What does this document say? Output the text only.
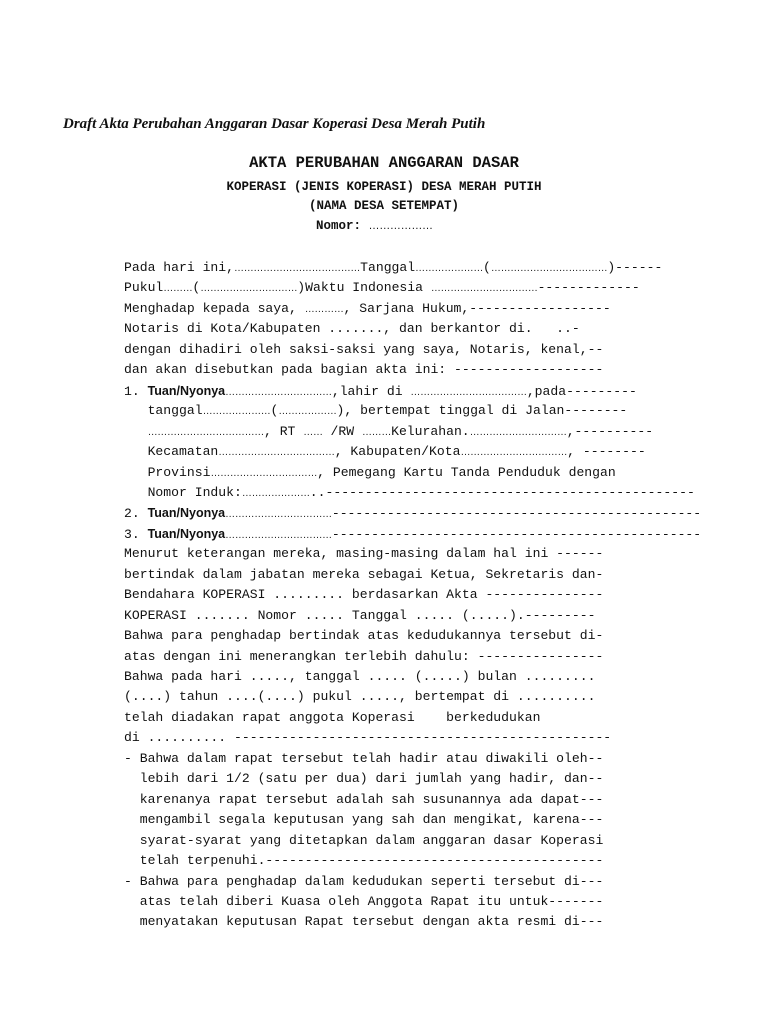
Draft Akta Perubahan Anggaran Dasar Koperasi Desa Merah Putih
AKTA PERUBAHAN ANGGARAN DASAR
KOPERASI (JENIS KOPERASI) DESA MERAH PUTIH
(NAMA DESA SETEMPAT)
Nomor: ………………
Pada hari ini,…………………………………Tanggal…………………(………………………………)------
Pukul………(…………………………)Waktu Indonesia ……………………………-------------
Menghadap kepada saya, …………, Sarjana Hukum,------------------
Notaris di Kota/Kabupaten ......., dan berkantor di.   ..-
dengan dihadiri oleh saksi-saksi yang saya, Notaris, kenal,--
dan akan disebutkan pada bagian akta ini: -------------------
1. Tuan/Nyonya……………………………,lahir di ………………………………,pada---------
tanggal…………………(………………), bertempat tinggal di Jalan--------
………………………………, RT …… /RW ………Kelurahan.…………………………,----------
Kecamatan………………………………, Kabupaten/Kota……………………………, --------
Provinsi……………………………, Pemegang Kartu Tanda Penduduk dengan
Nomor Induk:…………………..-----------------------------------------------
2. Tuan/Nyonya……………………………-----------------------------------------------
3. Tuan/Nyonya……………………………-----------------------------------------------
Menurut keterangan mereka, masing-masing dalam hal ini ------
bertindak dalam jabatan mereka sebagai Ketua, Sekretaris dan-
Bendahara KOPERASI ......... berdasarkan Akta ---------------
KOPERASI ....... Nomor ..... Tanggal ..... (.....).---------
Bahwa para penghadap bertindak atas kedudukannya tersebut di-
atas dengan ini menerangkan terlebih dahulu: ----------------
Bahwa pada hari ....., tanggal ..... (.....) bulan .........
(....) tahun ....(....) pukul ....., bertempat di ..........
telah diadakan rapat anggota Koperasi    berkedudukan
di .......... ------------------------------------------------
- Bahwa dalam rapat tersebut telah hadir atau diwakili oleh--
lebih dari 1/2 (satu per dua) dari jumlah yang hadir, dan--
karenanya rapat tersebut adalah sah susunannya ada dapat---
mengambil segala keputusan yang sah dan mengikat, karena---
syarat-syarat yang ditetapkan dalam anggaran dasar Koperasi
telah terpenuhi.-------------------------------------------
- Bahwa para penghadap dalam kedudukan seperti tersebut di---
atas telah diberi Kuasa oleh Anggota Rapat itu untuk-------
menyatakan keputusan Rapat tersebut dengan akta resmi di---
